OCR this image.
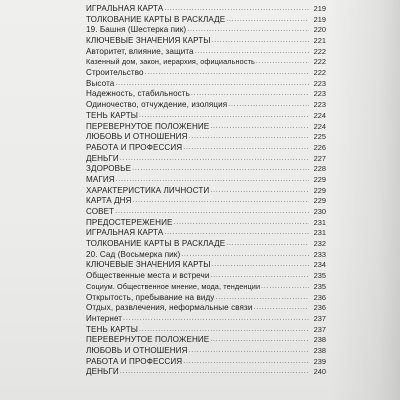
ИГРАЛЬНАЯ КАРТА .....	219
ТОЛКОВАНИЕ КАРТЫ В РАСКЛАДЕ .....	219
19. Башня (Шестерка пик) .....	220
КЛЮЧЕВЫЕ ЗНАЧЕНИЯ КАРТЫ .....	221
Авторитет, влияние, защита .....	222
Казенный дом, закон, иерархия, официальность .....	222
Строительство .....	222
Высота .....	223
Надежность, стабильность .....	223
Одиночество, отчуждение, изоляция .....	223
ТЕНЬ КАРТЫ .....	224
ПЕРЕВЕРНУТОЕ ПОЛОЖЕНИЕ .....	224
ЛЮБОВЬ И ОТНОШЕНИЯ .....	225
РАБОТА И ПРОФЕССИЯ .....	226
ДЕНЬГИ .....	227
ЗДОРОВЬЕ .....	228
МАГИЯ .....	229
ХАРАКТЕРИСТИКА ЛИЧНОСТИ .....	229
КАРТА ДНЯ .....	229
СОВЕТ .....	230
ПРЕДОСТЕРЕЖЕНИЕ .....	231
ИГРАЛЬНАЯ КАРТА .....	231
ТОЛКОВАНИЕ КАРТЫ В РАСКЛАДЕ .....	232
20. Сад (Восьмерка пик) .....	233
КЛЮЧЕВЫЕ ЗНАЧЕНИЯ КАРТЫ .....	234
Общественные места и встречи .....	235
Социум. Общественное мнение, мода, тенденции .....	235
Открытость, пребывание на виду .....	236
Отдых, развлечения, неформальные связи .....	236
Интернет .....	237
ТЕНЬ КАРТЫ .....	237
ПЕРЕВЕРНУТОЕ ПОЛОЖЕНИЕ .....	238
ЛЮБОВЬ И ОТНОШЕНИЯ .....	238
РАБОТА И ПРОФЕССИЯ .....	239
ДЕНЬГИ .....	240
